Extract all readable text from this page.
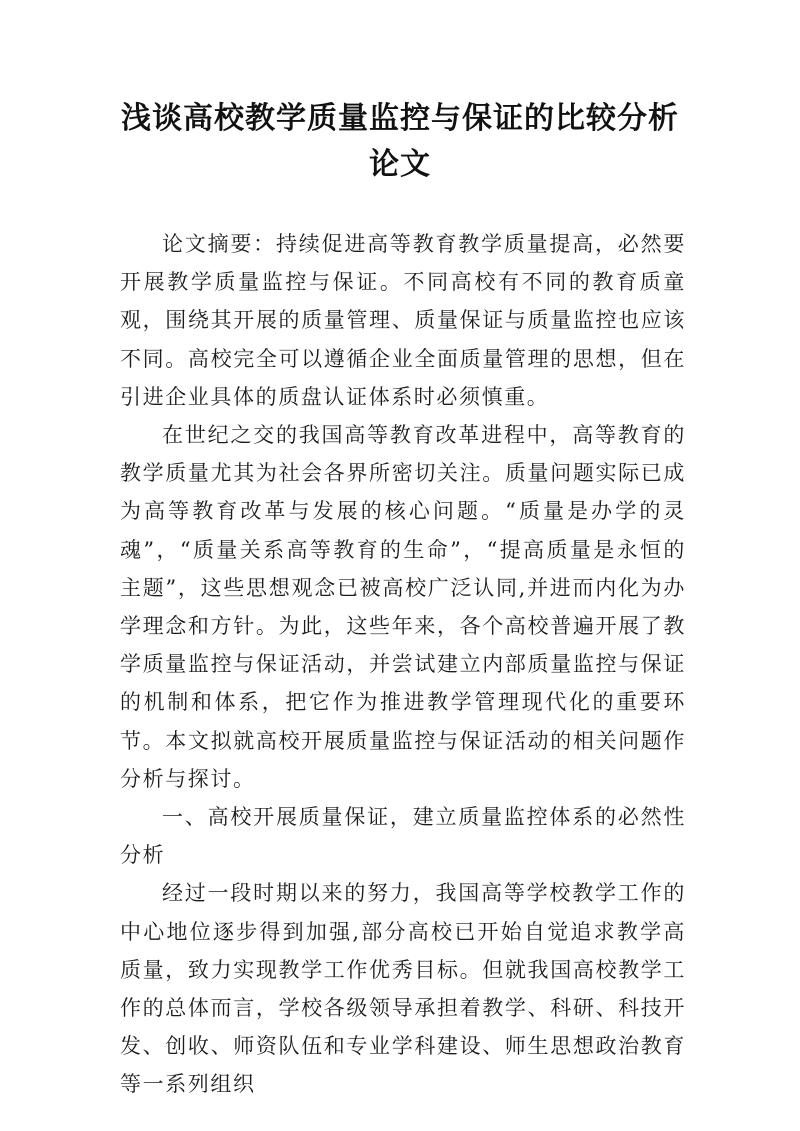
浅谈高校教学质量监控与保证的比较分析论文

论文摘要：持续促进高等教育教学质量提高，必然要开展教学质量监控与保证。不同高校有不同的教育质童观，围绕其开展的质量管理、质量保证与质量监控也应该不同。高校完全可以遵循企业全面质量管理的思想，但在引进企业具体的质盘认证体系时必须慎重。

在世纪之交的我国高等教育改革进程中，高等教育的教学质量尤其为社会各界所密切关注。质量问题实际已成为高等教育改革与发展的核心问题。“质量是办学的灵魂”，“质量关系高等教育的生命”，“提高质量是永恒的主题”，这些思想观念已被高校广泛认同,并进而内化为办学理念和方针。为此，这些年来，各个高校普遍开展了教学质量监控与保证活动，并尝试建立内部质量监控与保证的机制和体系，把它作为推进教学管理现代化的重要环节。本文拟就高校开展质量监控与保证活动的相关问题作分析与探讨。

一、高校开展质量保证，建立质量监控体系的必然性分析

经过一段时期以来的努力，我国高等学校教学工作的中心地位逐步得到加强,部分高校已开始自觉追求教学高质量，致力实现教学工作优秀目标。但就我国高校教学工作的总体而言，学校各级领导承担着教学、科研、科技开发、创收、师资队伍和专业学科建设、师生思想政治教育等一系列组织
